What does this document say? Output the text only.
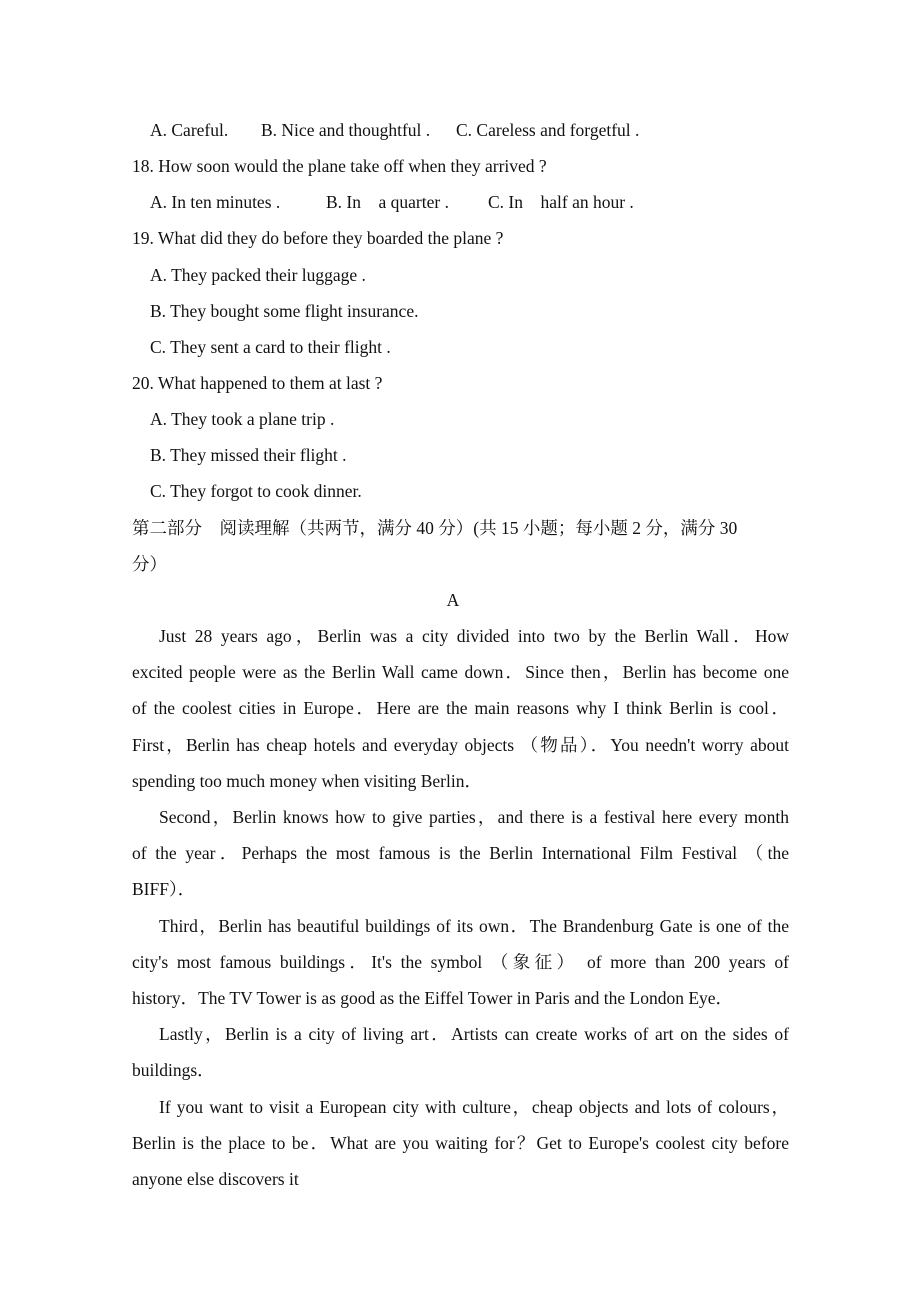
A. Careful. B. Nice and thoughtful . C. Careless and forgetful .
18. How soon would the plane take off when they arrived ?
A. In ten minutes .	B. In    a quarter . C. In    half an hour .
19. What did they do before they boarded the plane ?
A. They packed their luggage .
B. They bought some flight insurance.
C. They sent a card to their flight .
20. What happened to them at last ?
A. They took a plane trip .
B. They missed their flight .
C. They forgot to cook dinner.
第二部分    阅读理解（共两节，满分 40 分）(共 15 小题；每小题 2 分，满分 30
分）
A
Just 28 years ago，Berlin was a city divided into two by the Berlin Wall．How
excited people were as the Berlin Wall came down．Since then，Berlin has become one
of the coolest cities in Europe．Here are the main reasons why I think Berlin is cool．
First，Berlin has cheap hotels and everyday objects （物品）．You needn't worry about
spending too much money when visiting Berlin．
Second，Berlin knows how to give parties，and there is a festival here every month
of the year．Perhaps the most famous is the Berlin International Film Festival （the
BIFF）．
Third，Berlin has beautiful buildings of its own．The Brandenburg Gate is one of the
city's most famous buildings．It's the symbol （象征） of more than 200 years of
history．The TV Tower is as good as the Eiffel Tower in Paris and the London Eye．
Lastly，Berlin is a city of living art．Artists can create works of art on the sides of
buildings．
If you want to visit a European city with culture，cheap objects and lots of colours，
Berlin is the place to be．What are you waiting for？Get to Europe's coolest city before
anyone else discovers it
